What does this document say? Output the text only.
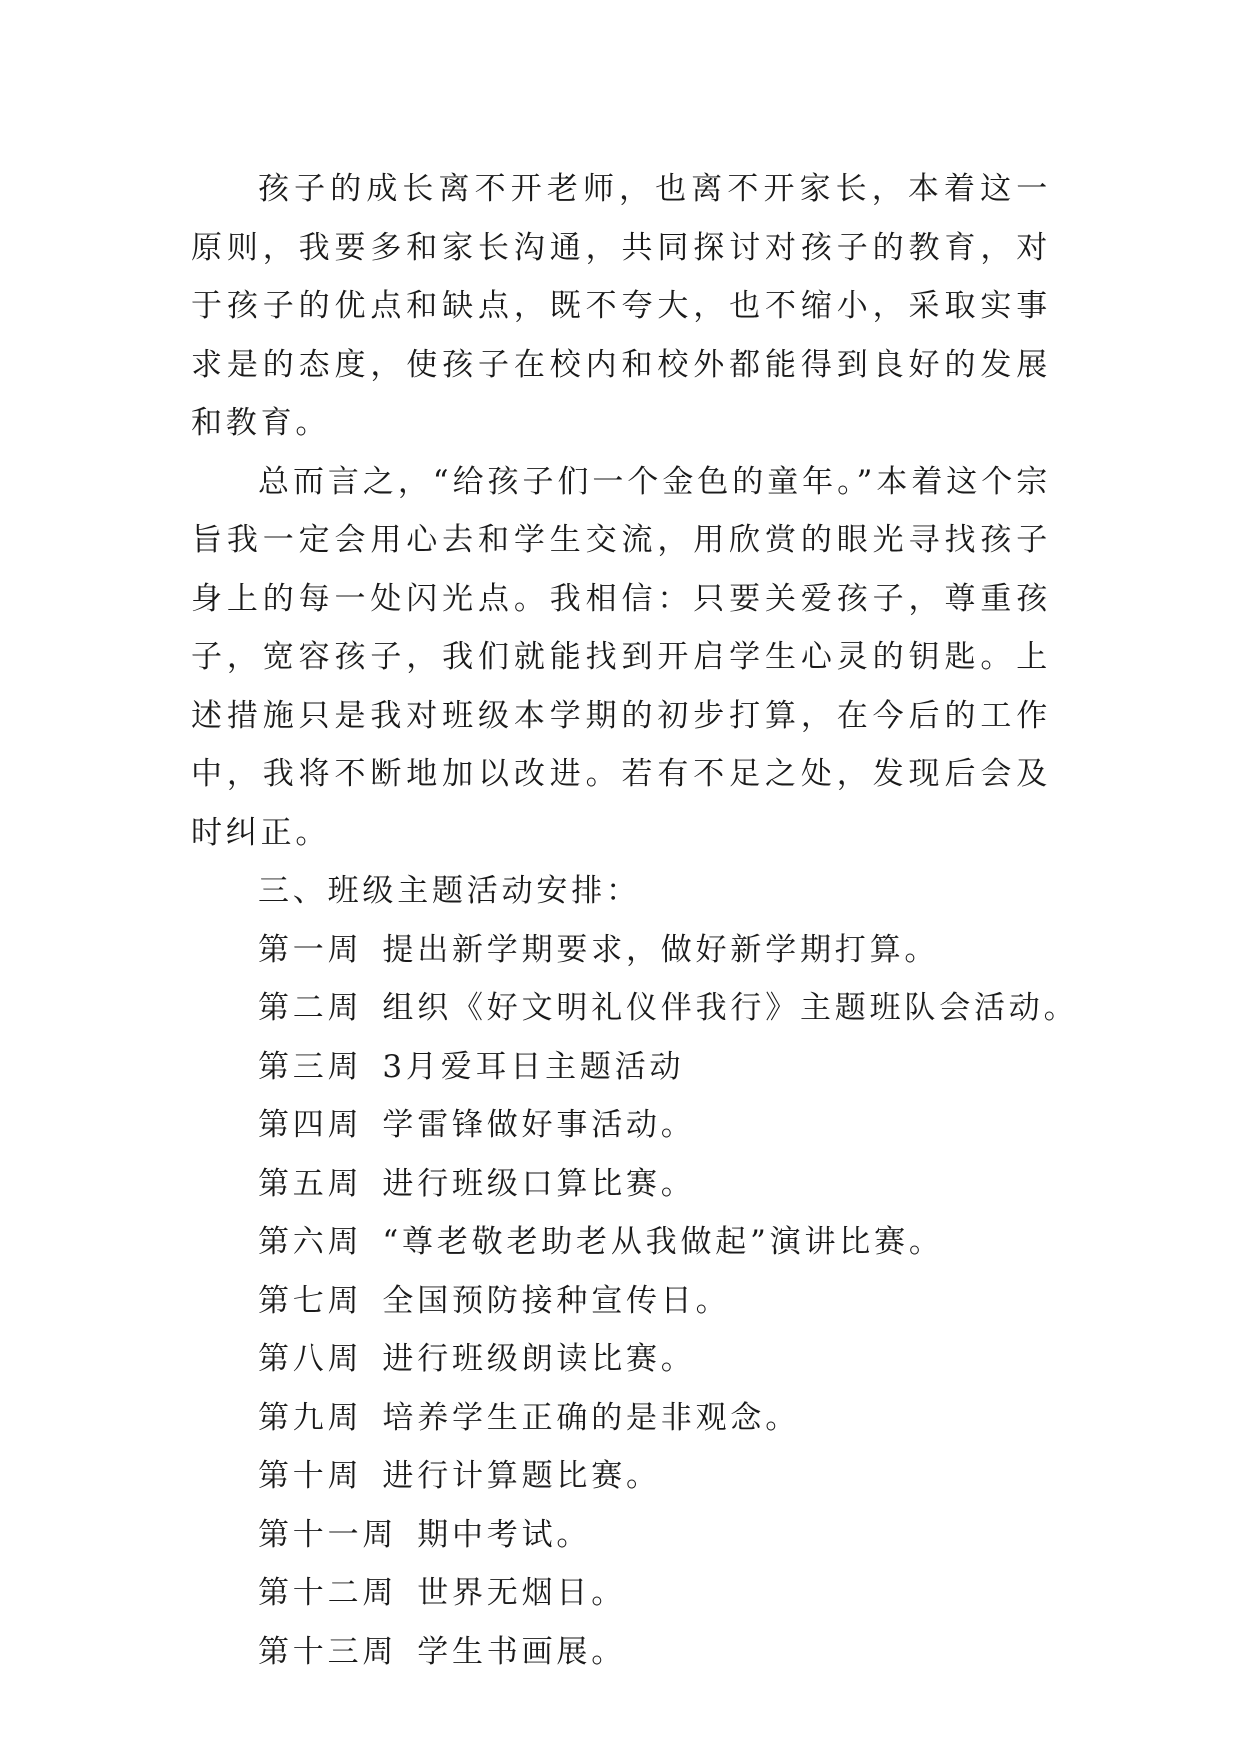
孩子的成长离不开老师，也离不开家长，本着这一原则，我要多和家长沟通，共同探讨对孩子的教育，对于孩子的优点和缺点，既不夸大，也不缩小，采取实事求是的态度，使孩子在校内和校外都能得到良好的发展和教育。

总而言之，“给孩子们一个金色的童年。”本着这个宗旨我一定会用心去和学生交流，用欣赏的眼光寻找孩子身上的每一处闪光点。我相信：只要关爱孩子，尊重孩子，宽容孩子，我们就能找到开启学生心灵的钥匙。上述措施只是我对班级本学期的初步打算，在今后的工作中，我将不断地加以改进。若有不足之处，发现后会及时纠正。

三、班级主题活动安排：

第一周 提出新学期要求，做好新学期打算。

第二周 组织《好文明礼仪伴我行》主题班队会活动。

第三周 3月爱耳日主题活动

第四周 学雷锋做好事活动。

第五周 进行班级口算比赛。

第六周 “尊老敬老助老从我做起”演讲比赛。

第七周 全国预防接种宣传日。

第八周 进行班级朗读比赛。

第九周 培养学生正确的是非观念。

第十周 进行计算题比赛。

第十一周 期中考试。

第十二周 世界无烟日。

第十三周 学生书画展。
